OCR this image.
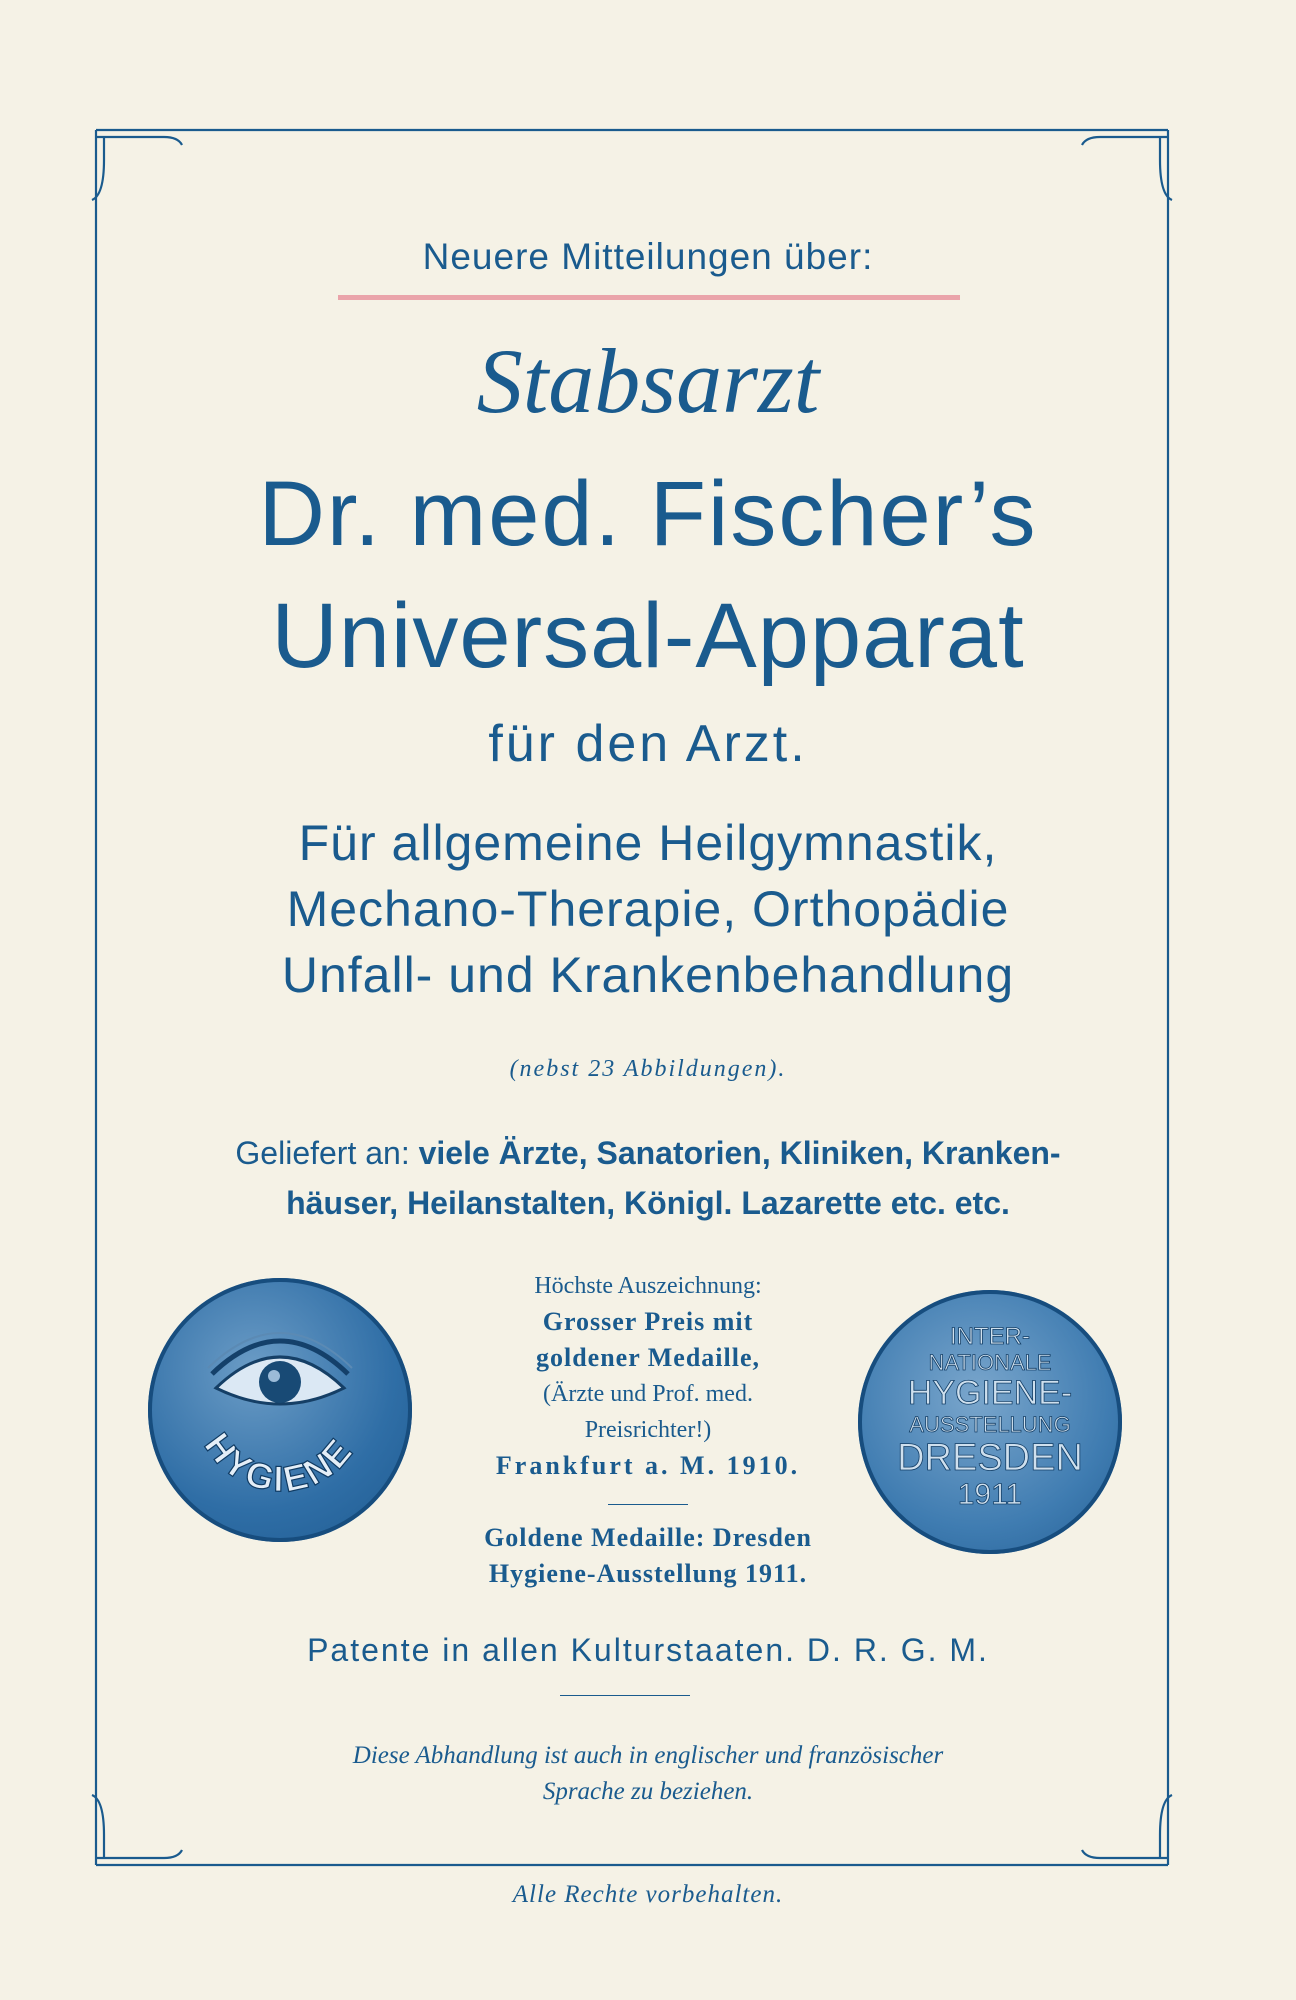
Neuere Mitteilungen über:
Stabsarzt
Dr. med. Fischer’s
Universal-Apparat
für den Arzt.
Für allgemeine Heilgymnastik,
Mechano-Therapie, Orthopädie
Unfall- und Krankenbehandlung
(nebst 23 Abbildungen).
Geliefert an: viele Ärzte, Sanatorien, Kliniken, Kranken-
häuser, Heilanstalten, Königl. Lazarette etc. etc.
HYGIENE
INTER-
NATIONALE
HYGIENE-
AUSSTELLUNG
DRESDEN
1911
Höchste Auszeichnung:
Grosser Preis mit
goldener Medaille,
(Ärzte und Prof. med.
Preisrichter!)
Frankfurt a. M. 1910.
Goldene Medaille: Dresden
Hygiene-Ausstellung 1911.
Patente in allen Kulturstaaten. D. R. G. M.
Diese Abhandlung ist auch in englischer und französischer
Sprache zu beziehen.
Alle Rechte vorbehalten.
